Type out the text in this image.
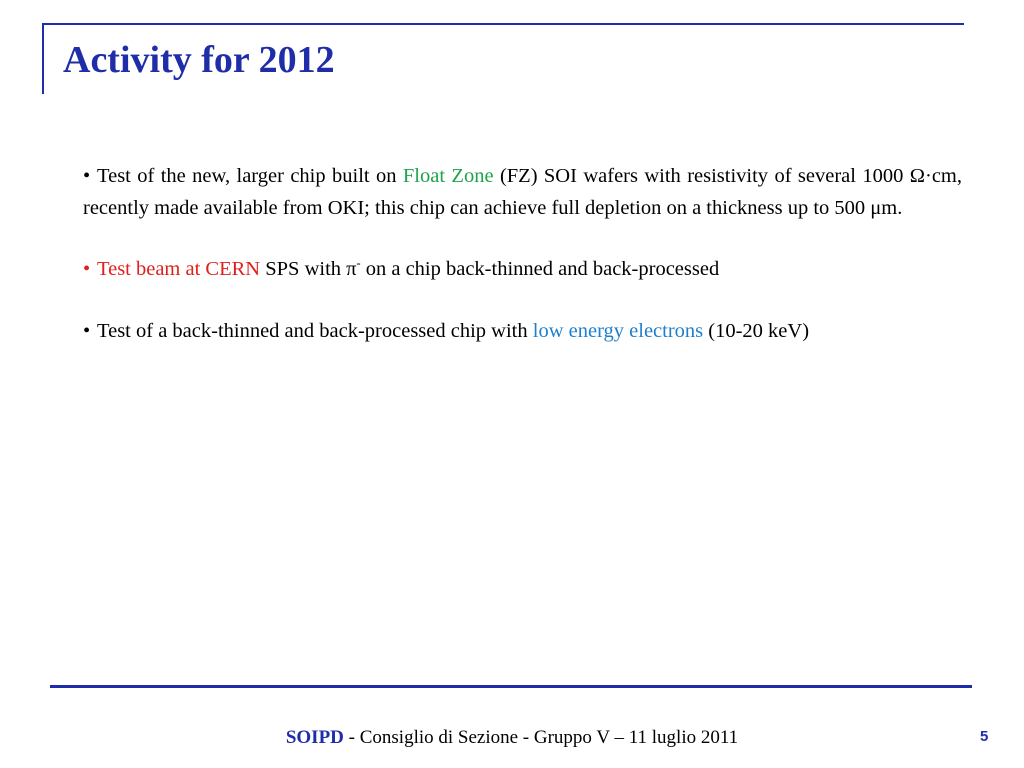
Activity for 2012

• Test of the new, larger chip built on Float Zone (FZ) SOI wafers with resistivity of several 1000 Ω·cm, recently made available from OKI; this chip can achieve full depletion on a thickness up to 500 μm.

• Test beam at CERN SPS with π- on a chip back-thinned and back-processed

• Test of a back-thinned and back-processed chip with low energy electrons (10-20 keV)

SOIPD - Consiglio di Sezione - Gruppo V – 11 luglio 2011	5
